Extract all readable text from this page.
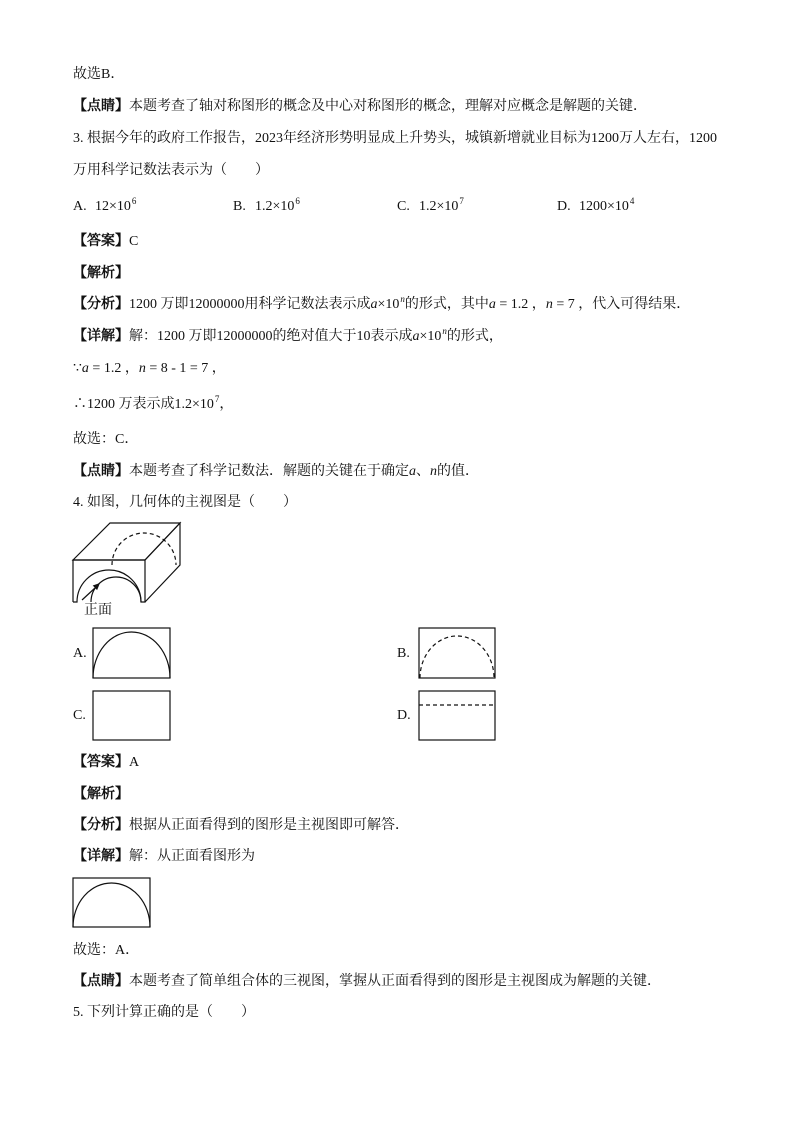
故选B．
【点睛】本题考查了轴对称图形的概念及中心对称图形的概念，理解对应概念是解题的关键．
3. 根据今年的政府工作报告，2023年经济形势明显成上升势头，城镇新增就业目标为1200万人左右，1200
万用科学记数法表示为（　　）
A. $12\times 10^6$	B. $1.2\times 10^6$	C. $1.2\times 10^7$	D. $1200\times 10^4$
【答案】C
【解析】
【分析】1200 万即12000000用科学记数法表示成$a\times 10^n$的形式，其中a = 1.2 ，n = 7 ，代入可得结果．
【详解】解：1200 万即12000000的绝对值大于10表示成$a\times 10^n$的形式，
∵a = 1.2 ，n = 8 - 1 = 7 ，
∴1200 万表示成$1.2\times 10^7$，
故选：C．
【点睛】本题考查了科学记数法．解题的关键在于确定a、n的值．
4. 如图，几何体的主视图是（　　）
正面
A.	B.
C.	D.
【答案】A
【解析】
【分析】根据从正面看得到的图形是主视图即可解答．
【详解】解：从正面看图形为
故选：A．
【点睛】本题考查了简单组合体的三视图，掌握从正面看得到的图形是主视图成为解题的关键．
5. 下列计算正确的是（　　）
